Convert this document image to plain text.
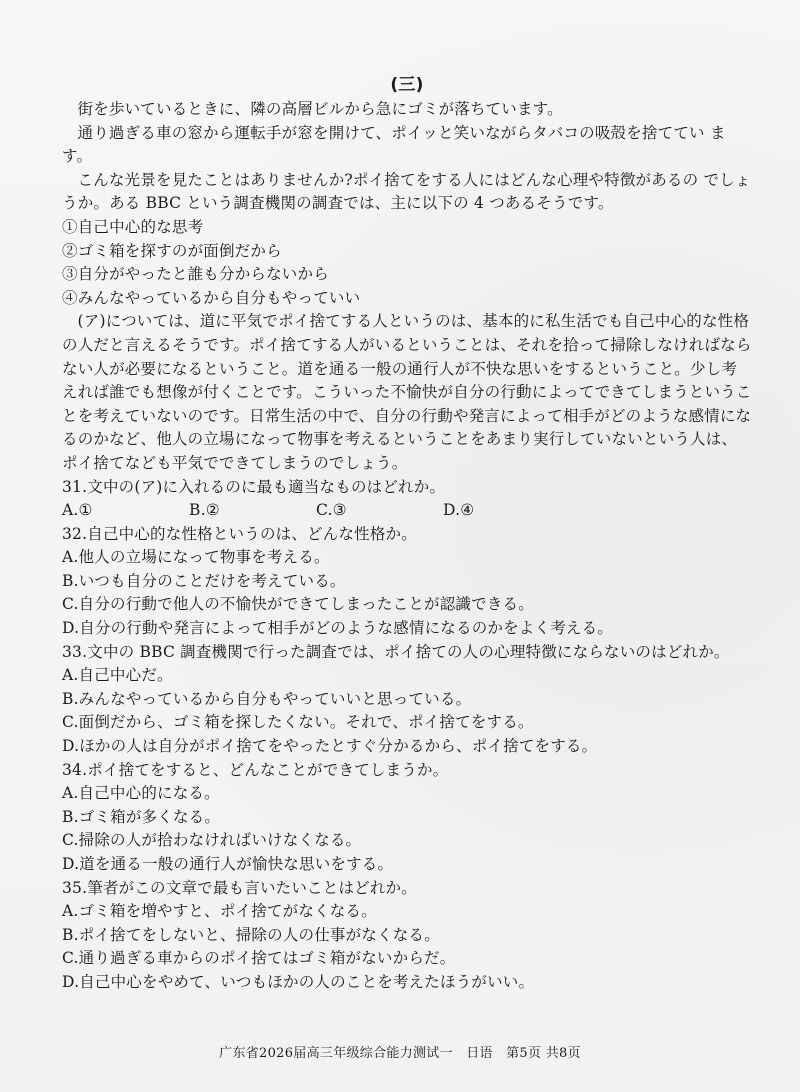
(三)

街を歩いているときに、隣の高層ビルから急にゴミが落ちています。

通り過ぎる車の窓から運転手が窓を開けて、ポイッと笑いながらタバコの吸殻を捨ててい ます。

こんな光景を見たことはありませんか?ポイ捨てをする人にはどんな心理や特徴があるの でしょうか。ある BBC という調査機関の調査では、主に以下の 4 つあるそうです。

①自己中心的な思考

②ゴミ箱を探すのが面倒だから

③自分がやったと誰も分からないから

④みんなやっているから自分もやっていい

(ア)については、道に平気でポイ捨てする人というのは、基本的に私生活でも自己中心的な性格の人だと言えるそうです。ポイ捨てする人がいるということは、それを拾って掃除しなければならない人が必要になるということ。道を通る一般の通行人が不快な思いをするということ。少し考えれば誰でも想像が付くことです。こういった不愉快が自分の行動によってできてしまうということを考えていないのです。日常生活の中で、自分の行動や発言によって相手がどのような感情になるのかなど、他人の立場になって物事を考えるということをあまり実行していないという人は、ポイ捨てなども平気でできてしまうのでしょう。

31.文中の(ア)に入れるのに最も適当なものはどれか。

A.①	B.②	C.③	D.④

32.自己中心的な性格というのは、どんな性格か。

A.他人の立場になって物事を考える。

B.いつも自分のことだけを考えている。

C.自分の行動で他人の不愉快ができてしまったことが認識できる。

D.自分の行動や発言によって相手がどのような感情になるのかをよく考える。

33.文中の BBC 調査機関で行った調査では、ポイ捨ての人の心理特徴にならないのはどれか。

A.自己中心だ。

B.みんなやっているから自分もやっていいと思っている。

C.面倒だから、ゴミ箱を探したくない。それで、ポイ捨てをする。

D.ほかの人は自分がポイ捨てをやったとすぐ分かるから、ポイ捨てをする。

34.ポイ捨てをすると、どんなことができてしまうか。

A.自己中心的になる。

B.ゴミ箱が多くなる。

C.掃除の人が拾わなければいけなくなる。

D.道を通る一般の通行人が愉快な思いをする。

35.筆者がこの文章で最も言いたいことはどれか。

A.ゴミ箱を増やすと、ポイ捨てがなくなる。

B.ポイ捨てをしないと、掃除の人の仕事がなくなる。

C.通り過ぎる車からのポイ捨てはゴミ箱がないからだ。

D.自己中心をやめて、いつもほかの人のことを考えたほうがいい。

广东省2026届高三年级综合能力测试一　日语　第5页 共8页
